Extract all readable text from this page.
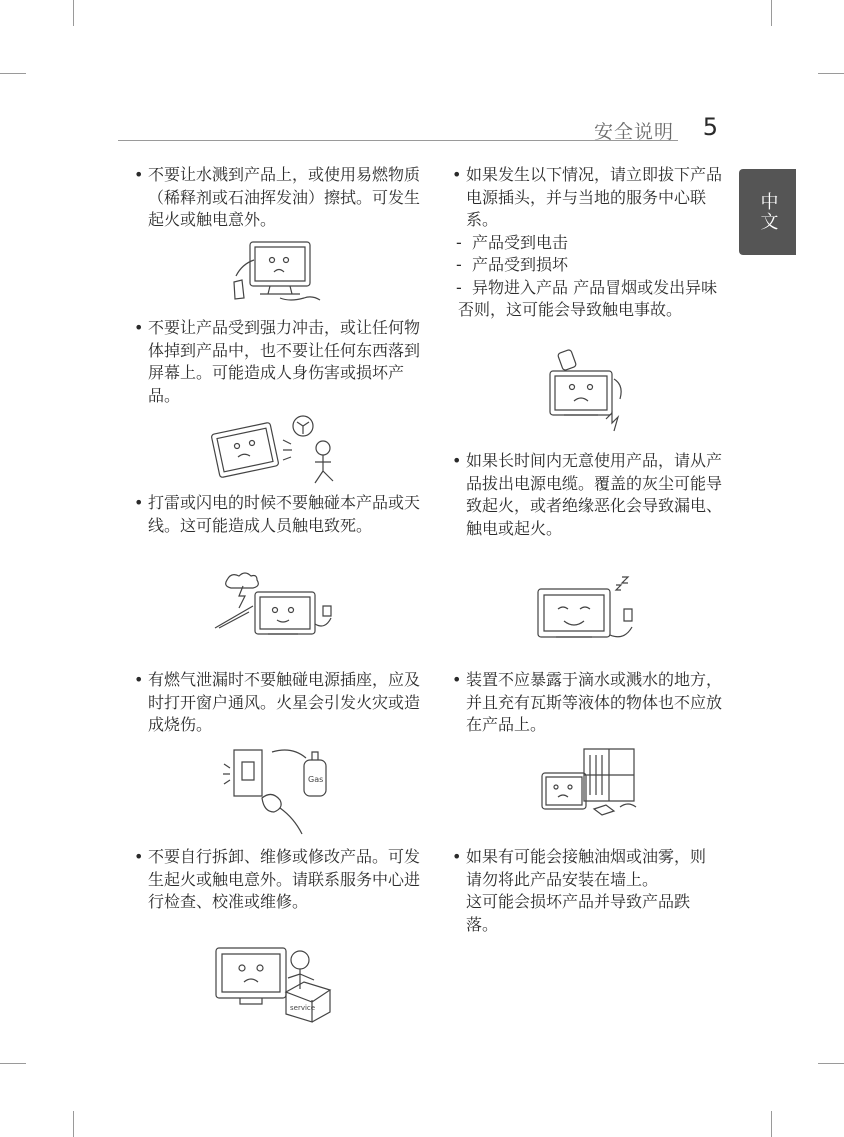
安全说明 5
中文
• 不要让水溅到产品上，或使用易燃物质（稀释剂或石油挥发油）擦拭。可发生起火或触电意外。
• 不要让产品受到强力冲击，或让任何物体掉到产品中，也不要让任何东西落到屏幕上。可能造成人身伤害或损坏产品。
• 打雷或闪电的时候不要触碰本产品或天线。这可能造成人员触电致死。
• 有燃气泄漏时不要触碰电源插座，应及时打开窗户通风。火星会引发火灾或造成烧伤。
• 不要自行拆卸、维修或修改产品。可发生起火或触电意外。请联系服务中心进行检查、校准或维修。
• 如果发生以下情况，请立即拔下产品电源插头，并与当地的服务中心联系。
- 产品受到电击
- 产品受到损坏
- 异物进入产品 产品冒烟或发出异味
否则，这可能会导致触电事故。
• 如果长时间内无意使用产品，请从产品拔出电源电缆。覆盖的灰尘可能导致起火，或者绝缘恶化会导致漏电、触电或起火。
• 装置不应暴露于滴水或溅水的地方，并且充有瓦斯等液体的物体也不应放在产品上。
• 如果有可能会接触油烟或油雾，则请勿将此产品安装在墙上。
这可能会损坏产品并导致产品跌落。
Gas
service
